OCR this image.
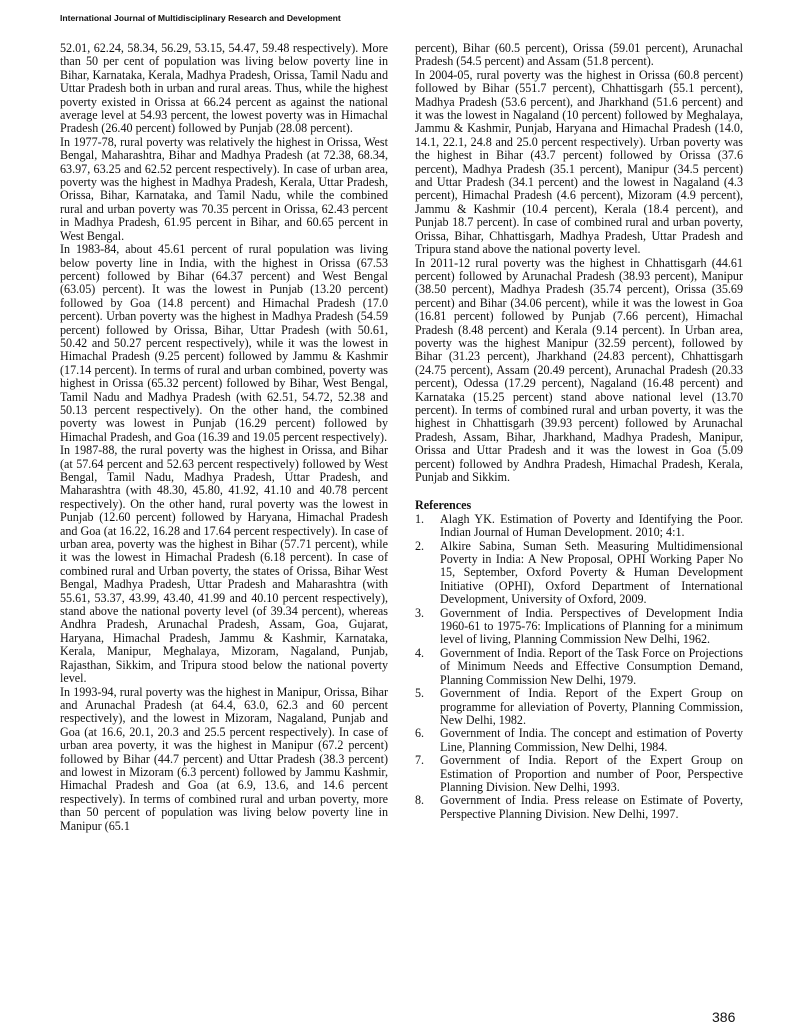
International Journal of Multidisciplinary Research and Development

52.01, 62.24, 58.34, 56.29, 53.15, 54.47, 59.48 respectively). More than 50 per cent of population was living below poverty line in Bihar, Karnataka, Kerala, Madhya Pradesh, Orissa, Tamil Nadu and Uttar Pradesh both in urban and rural areas. Thus, while the highest poverty existed in Orissa at 66.24 percent as against the national average level at 54.93 percent, the lowest poverty was in Himachal Pradesh (26.40 percent) followed by Punjab (28.08 percent).

In 1977-78, rural poverty was relatively the highest in Orissa, West Bengal, Maharashtra, Bihar and Madhya Pradesh (at 72.38, 68.34, 63.97, 63.25 and 62.52 percent respectively). In case of urban area, poverty was the highest in Madhya Pradesh, Kerala, Uttar Pradesh, Orissa, Bihar, Karnataka, and Tamil Nadu, while the combined rural and urban poverty was 70.35 percent in Orissa, 62.43 percent in Madhya Pradesh, 61.95 percent in Bihar, and 60.65 percent in West Bengal.

In 1983-84, about 45.61 percent of rural population was living below poverty line in India, with the highest in Orissa (67.53 percent) followed by Bihar (64.37 percent) and West Bengal (63.05) percent). It was the lowest in Punjab (13.20 percent) followed by Goa (14.8 percent) and Himachal Pradesh (17.0 percent). Urban poverty was the highest in Madhya Pradesh (54.59 percent) followed by Orissa, Bihar, Uttar Pradesh (with 50.61, 50.42 and 50.27 percent respectively), while it was the lowest in Himachal Pradesh (9.25 percent) followed by Jammu & Kashmir (17.14 percent). In terms of rural and urban combined, poverty was highest in Orissa (65.32 percent) followed by Bihar, West Bengal, Tamil Nadu and Madhya Pradesh (with 62.51, 54.72, 52.38 and 50.13 percent respectively). On the other hand, the combined poverty was lowest in Punjab (16.29 percent) followed by Himachal Pradesh, and Goa (16.39 and 19.05 percent respectively).

In 1987-88, the rural poverty was the highest in Orissa, and Bihar (at 57.64 percent and 52.63 percent respectively) followed by West Bengal, Tamil Nadu, Madhya Pradesh, Uttar Pradesh, and Maharashtra (with 48.30, 45.80, 41.92, 41.10 and 40.78 percent respectively). On the other hand, rural poverty was the lowest in Punjab (12.60 percent) followed by Haryana, Himachal Pradesh and Goa (at 16.22, 16.28 and 17.64 percent respectively). In case of urban area, poverty was the highest in Bihar (57.71 percent), while it was the lowest in Himachal Pradesh (6.18 percent). In case of combined rural and Urban poverty, the states of Orissa, Bihar West Bengal, Madhya Pradesh, Uttar Pradesh and Maharashtra (with 55.61, 53.37, 43.99, 43.40, 41.99 and 40.10 percent respectively), stand above the national poverty level (of 39.34 percent), whereas Andhra Pradesh, Arunachal Pradesh, Assam, Goa, Gujarat, Haryana, Himachal Pradesh, Jammu & Kashmir, Karnataka, Kerala, Manipur, Meghalaya, Mizoram, Nagaland, Punjab, Rajasthan, Sikkim, and Tripura stood below the national poverty level.

In 1993-94, rural poverty was the highest in Manipur, Orissa, Bihar and Arunachal Pradesh (at 64.4, 63.0, 62.3 and 60 percent respectively), and the lowest in Mizoram, Nagaland, Punjab and Goa (at 16.6, 20.1, 20.3 and 25.5 percent respectively). In case of urban area poverty, it was the highest in Manipur (67.2 percent) followed by Bihar (44.7 percent) and Uttar Pradesh (38.3 percent) and lowest in Mizoram (6.3 percent) followed by Jammu Kashmir, Himachal Pradesh and Goa (at 6.9, 13.6, and 14.6 percent respectively). In terms of combined rural and urban poverty, more than 50 percent of population was living below poverty line in Manipur (65.1

percent), Bihar (60.5 percent), Orissa (59.01 percent), Arunachal Pradesh (54.5 percent) and Assam (51.8 percent).

In 2004-05, rural poverty was the highest in Orissa (60.8 percent) followed by Bihar (551.7 percent), Chhattisgarh (55.1 percent), Madhya Pradesh (53.6 percent), and Jharkhand (51.6 percent) and it was the lowest in Nagaland (10 percent) followed by Meghalaya, Jammu & Kashmir, Punjab, Haryana and Himachal Pradesh (14.0, 14.1, 22.1, 24.8 and 25.0 percent respectively). Urban poverty was the highest in Bihar (43.7 percent) followed by Orissa (37.6 percent), Madhya Pradesh (35.1 percent), Manipur (34.5 percent) and Uttar Pradesh (34.1 percent) and the lowest in Nagaland (4.3 percent), Himachal Pradesh (4.6 percent), Mizoram (4.9 percent), Jammu & Kashmir (10.4 percent), Kerala (18.4 percent), and Punjab 18.7 percent). In case of combined rural and urban poverty, Orissa, Bihar, Chhattisgarh, Madhya Pradesh, Uttar Pradesh and Tripura stand above the national poverty level.

In 2011-12 rural poverty was the highest in Chhattisgarh (44.61 percent) followed by Arunachal Pradesh (38.93 percent), Manipur (38.50 percent), Madhya Pradesh (35.74 percent), Orissa (35.69 percent) and Bihar (34.06 percent), while it was the lowest in Goa (16.81 percent) followed by Punjab (7.66 percent), Himachal Pradesh (8.48 percent) and Kerala (9.14 percent). In Urban area, poverty was the highest Manipur (32.59 percent), followed by Bihar (31.23 percent), Jharkhand (24.83 percent), Chhattisgarh (24.75 percent), Assam (20.49 percent), Arunachal Pradesh (20.33 percent), Odessa (17.29 percent), Nagaland (16.48 percent) and Karnataka (15.25 percent) stand above national level (13.70 percent). In terms of combined rural and urban poverty, it was the highest in Chhattisgarh (39.93 percent) followed by Arunachal Pradesh, Assam, Bihar, Jharkhand, Madhya Pradesh, Manipur, Orissa and Uttar Pradesh and it was the lowest in Goa (5.09 percent) followed by Andhra Pradesh, Himachal Pradesh, Kerala, Punjab and Sikkim.

References

1.	Alagh YK. Estimation of Poverty and Identifying the Poor. Indian Journal of Human Development. 2010; 4:1.
2.	Alkire Sabina, Suman Seth. Measuring Multidimensional Poverty in India: A New Proposal, OPHI Working Paper No 15, September, Oxford Poverty & Human Development Initiative (OPHI), Oxford Department of International Development, University of Oxford, 2009.
3.	Government of India. Perspectives of Development India 1960-61 to 1975-76: Implications of Planning for a minimum level of living, Planning Commission New Delhi, 1962.
4.	Government of India. Report of the Task Force on Projections of Minimum Needs and Effective Consumption Demand, Planning Commission New Delhi, 1979.
5.	Government of India. Report of the Expert Group on programme for alleviation of Poverty, Planning Commission, New Delhi, 1982.
6.	Government of India. The concept and estimation of Poverty Line, Planning Commission, New Delhi, 1984.
7.	Government of India. Report of the Expert Group on Estimation of Proportion and number of Poor, Perspective Planning Division. New Delhi, 1993.
8.	Government of India. Press release on Estimate of Poverty, Perspective Planning Division. New Delhi, 1997.
386
